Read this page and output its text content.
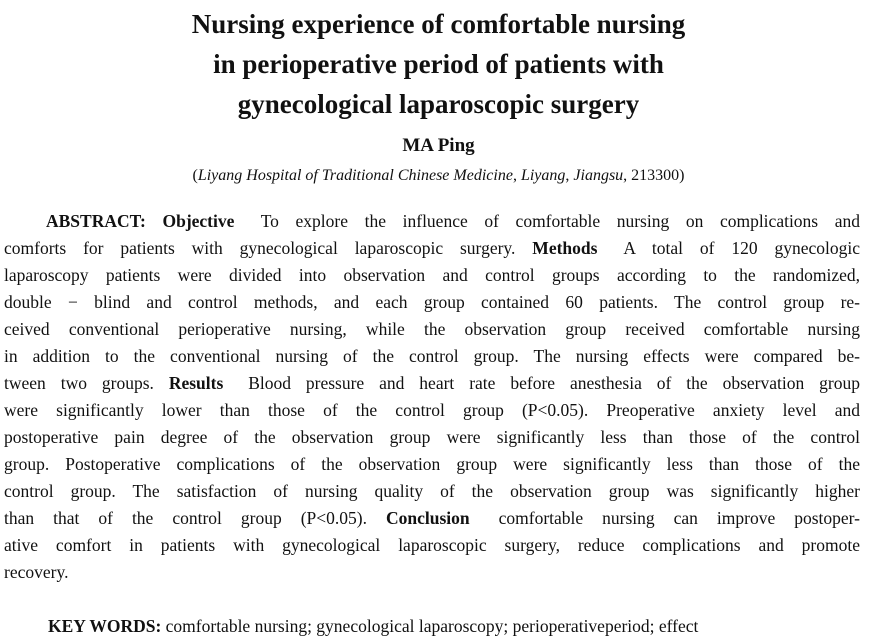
Nursing experience of comfortable nursing
in perioperative period of patients with
gynecological laparoscopic surgery
MA Ping
(Liyang Hospital of Traditional Chinese Medicine, Liyang, Jiangsu, 213300)
ABSTRACT: Objective To explore the influence of comfortable nursing on complications and
comforts for patients with gynecological laparoscopic surgery. Methods A total of 120 gynecologic
laparoscopy patients were divided into observation and control groups according to the randomized,
double − blind and control methods, and each group contained 60 patients. The control group re-
ceived conventional perioperative nursing, while the observation group received comfortable nursing
in addition to the conventional nursing of the control group. The nursing effects were compared be-
tween two groups. Results Blood pressure and heart rate before anesthesia of the observation group
were significantly lower than those of the control group (P<0.05). Preoperative anxiety level and
postoperative pain degree of the observation group were significantly less than those of the control
group. Postoperative complications of the observation group were significantly less than those of the
control group. The satisfaction of nursing quality of the observation group was significantly higher
than that of the control group (P<0.05). Conclusion comfortable nursing can improve postoper-
ative comfort in patients with gynecological laparoscopic surgery, reduce complications and promote
recovery.
KEY WORDS: comfortable nursing; gynecological laparoscopy; perioperativeperiod; effect
